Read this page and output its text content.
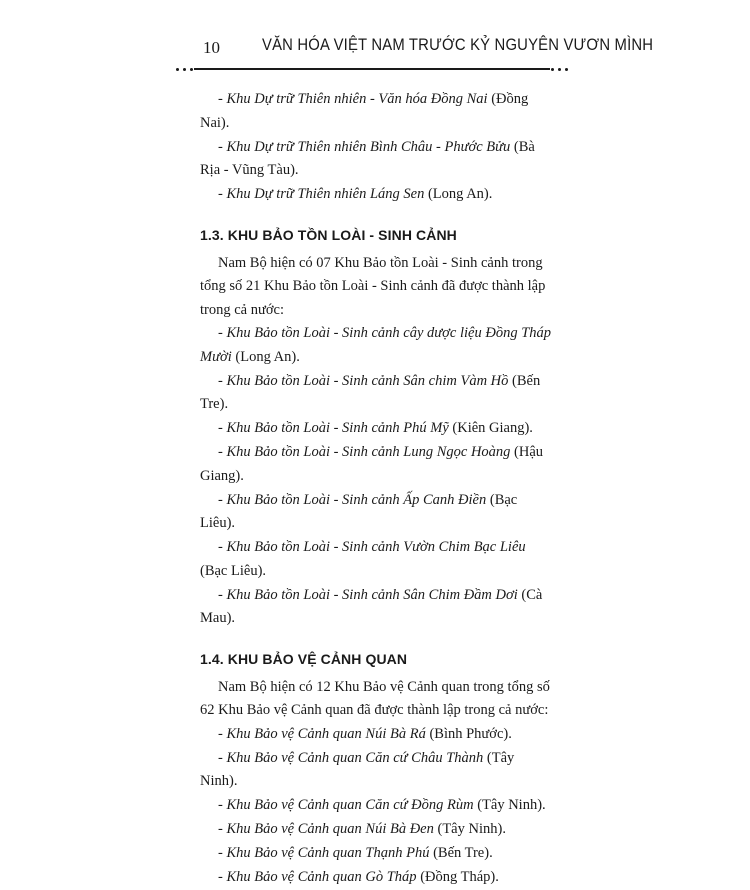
10	VĂN HÓA VIỆT NAM TRƯỚC KỶ NGUYÊN VƯƠN MÌNH

- Khu Dự trữ Thiên nhiên - Văn hóa Đồng Nai (Đồng Nai).

- Khu Dự trữ Thiên nhiên Bình Châu - Phước Bửu (Bà Rịa - Vũng Tàu).

- Khu Dự trữ Thiên nhiên Láng Sen (Long An).

1.3. KHU BẢO TỒN LOÀI - SINH CẢNH

Nam Bộ hiện có 07 Khu Bảo tồn Loài - Sinh cảnh trong tổng số 21 Khu Bảo tồn Loài - Sinh cảnh đã được thành lập trong cả nước:

- Khu Bảo tồn Loài - Sinh cảnh cây dược liệu Đồng Tháp Mười (Long An).

- Khu Bảo tồn Loài - Sinh cảnh Sân chim Vàm Hồ (Bến Tre).

- Khu Bảo tồn Loài - Sinh cảnh Phú Mỹ (Kiên Giang).

- Khu Bảo tồn Loài - Sinh cảnh Lung Ngọc Hoàng (Hậu Giang).

- Khu Bảo tồn Loài - Sinh cảnh Ấp Canh Điền (Bạc Liêu).

- Khu Bảo tồn Loài - Sinh cảnh Vườn Chim Bạc Liêu (Bạc Liêu).

- Khu Bảo tồn Loài - Sinh cảnh Sân Chim Đầm Dơi (Cà Mau).

1.4. KHU BẢO VỆ CẢNH QUAN

Nam Bộ hiện có 12 Khu Bảo vệ Cảnh quan trong tổng số 62 Khu Bảo vệ Cảnh quan đã được thành lập trong cả nước:

- Khu Bảo vệ Cảnh quan Núi Bà Rá (Bình Phước).

- Khu Bảo vệ Cảnh quan Căn cứ Châu Thành (Tây Ninh).

- Khu Bảo vệ Cảnh quan Căn cứ Đồng Rùm (Tây Ninh).

- Khu Bảo vệ Cảnh quan Núi Bà Đen (Tây Ninh).

- Khu Bảo vệ Cảnh quan Thạnh Phú (Bến Tre).

- Khu Bảo vệ Cảnh quan Gò Tháp (Đồng Tháp).
